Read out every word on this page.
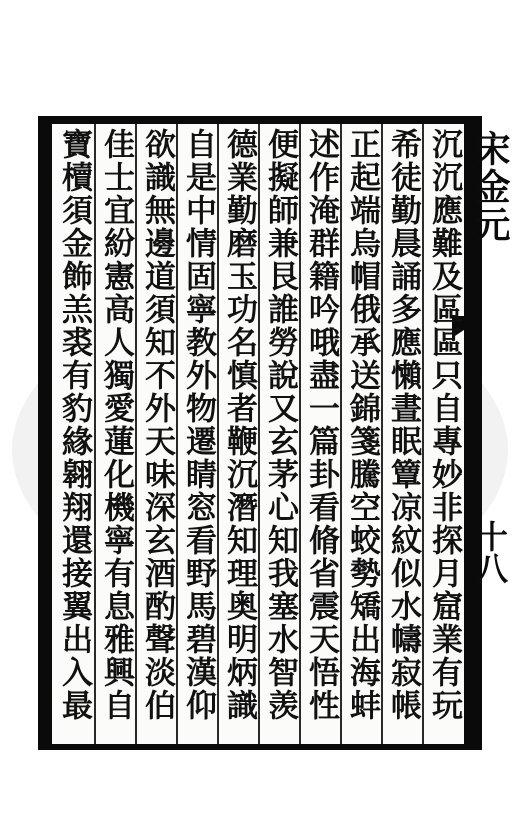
宋金元
十八
沉沉應難及區區只自專妙非探月窟業有玩
希徒勤晨誦多應懶晝眠簟凉紋似水幬寂帳
正起端烏帽俄承送錦箋騰空蛟勢矯出海蚌
述作淹群籍吟哦盡一篇卦看脩省震天悟性
便擬師兼艮誰勞說又玄茅心知我塞水智羡
德業勤磨玉功名慎者鞭沉潛知理奥明炳識
自是中情固寧教外物遷睛窓看野馬碧漢仰
欲識無邊道須知不外天味深玄酒酌聲淡伯
佳士宜紛憲高人獨愛蓮化機寧有息雅興自
寶櫝須金飾羔裘有豹緣翱翔還接翼出入最
